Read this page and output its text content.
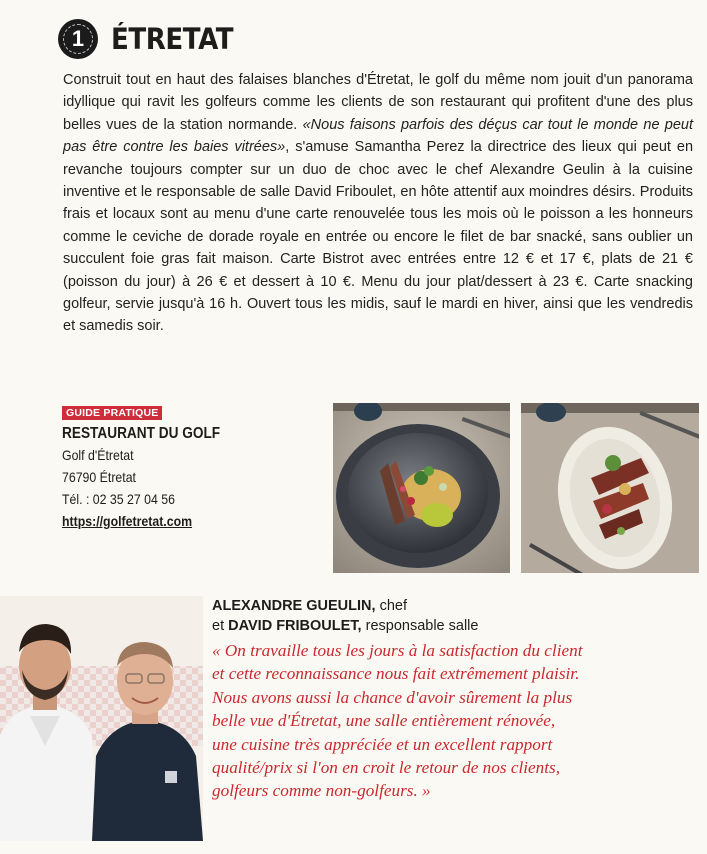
1 ÉTRETAT

Construit tout en haut des falaises blanches d'Étretat, le golf du même nom jouit d'un panorama idyllique qui ravit les golfeurs comme les clients de son restaurant qui profitent d'une des plus belles vues de la station normande. «Nous faisons parfois des déçus car tout le monde ne peut pas être contre les baies vitrées», s'amuse Samantha Perez la directrice des lieux qui peut en revanche toujours compter sur un duo de choc avec le chef Alexandre Geulin à la cuisine inventive et le responsable de salle David Friboulet, en hôte attentif aux moindres désirs. Produits frais et locaux sont au menu d'une carte renouvelée tous les mois où le poisson a les honneurs comme le ceviche de dorade royale en entrée ou encore le filet de bar snacké, sans oublier un succulent foie gras fait maison. Carte Bistrot avec entrées entre 12 € et 17 €, plats de 21 € (poisson du jour) à 26 € et dessert à 10 €. Menu du jour plat/dessert à 23 €. Carte snacking golfeur, servie jusqu'à 16 h. Ouvert tous les midis, sauf le mardi en hiver, ainsi que les vendredis et samedis soir.

GUIDE PRATIQUE
RESTAURANT DU GOLF
Golf d'Étretat
76790 Étretat
Tél. : 02 35 27 04 56
https://golfetretat.com
ALEXANDRE GUEULIN, chef
et DAVID FRIBOULET, responsable salle
« On travaille tous les jours à la satisfaction du client
et cette reconnaissance nous fait extrêmement plaisir.
Nous avons aussi la chance d'avoir sûrement la plus
belle vue d'Étretat, une salle entièrement rénovée,
une cuisine très appréciée et un excellent rapport
qualité/prix si l'on en croit le retour de nos clients,
golfeurs comme non-golfeurs. »
